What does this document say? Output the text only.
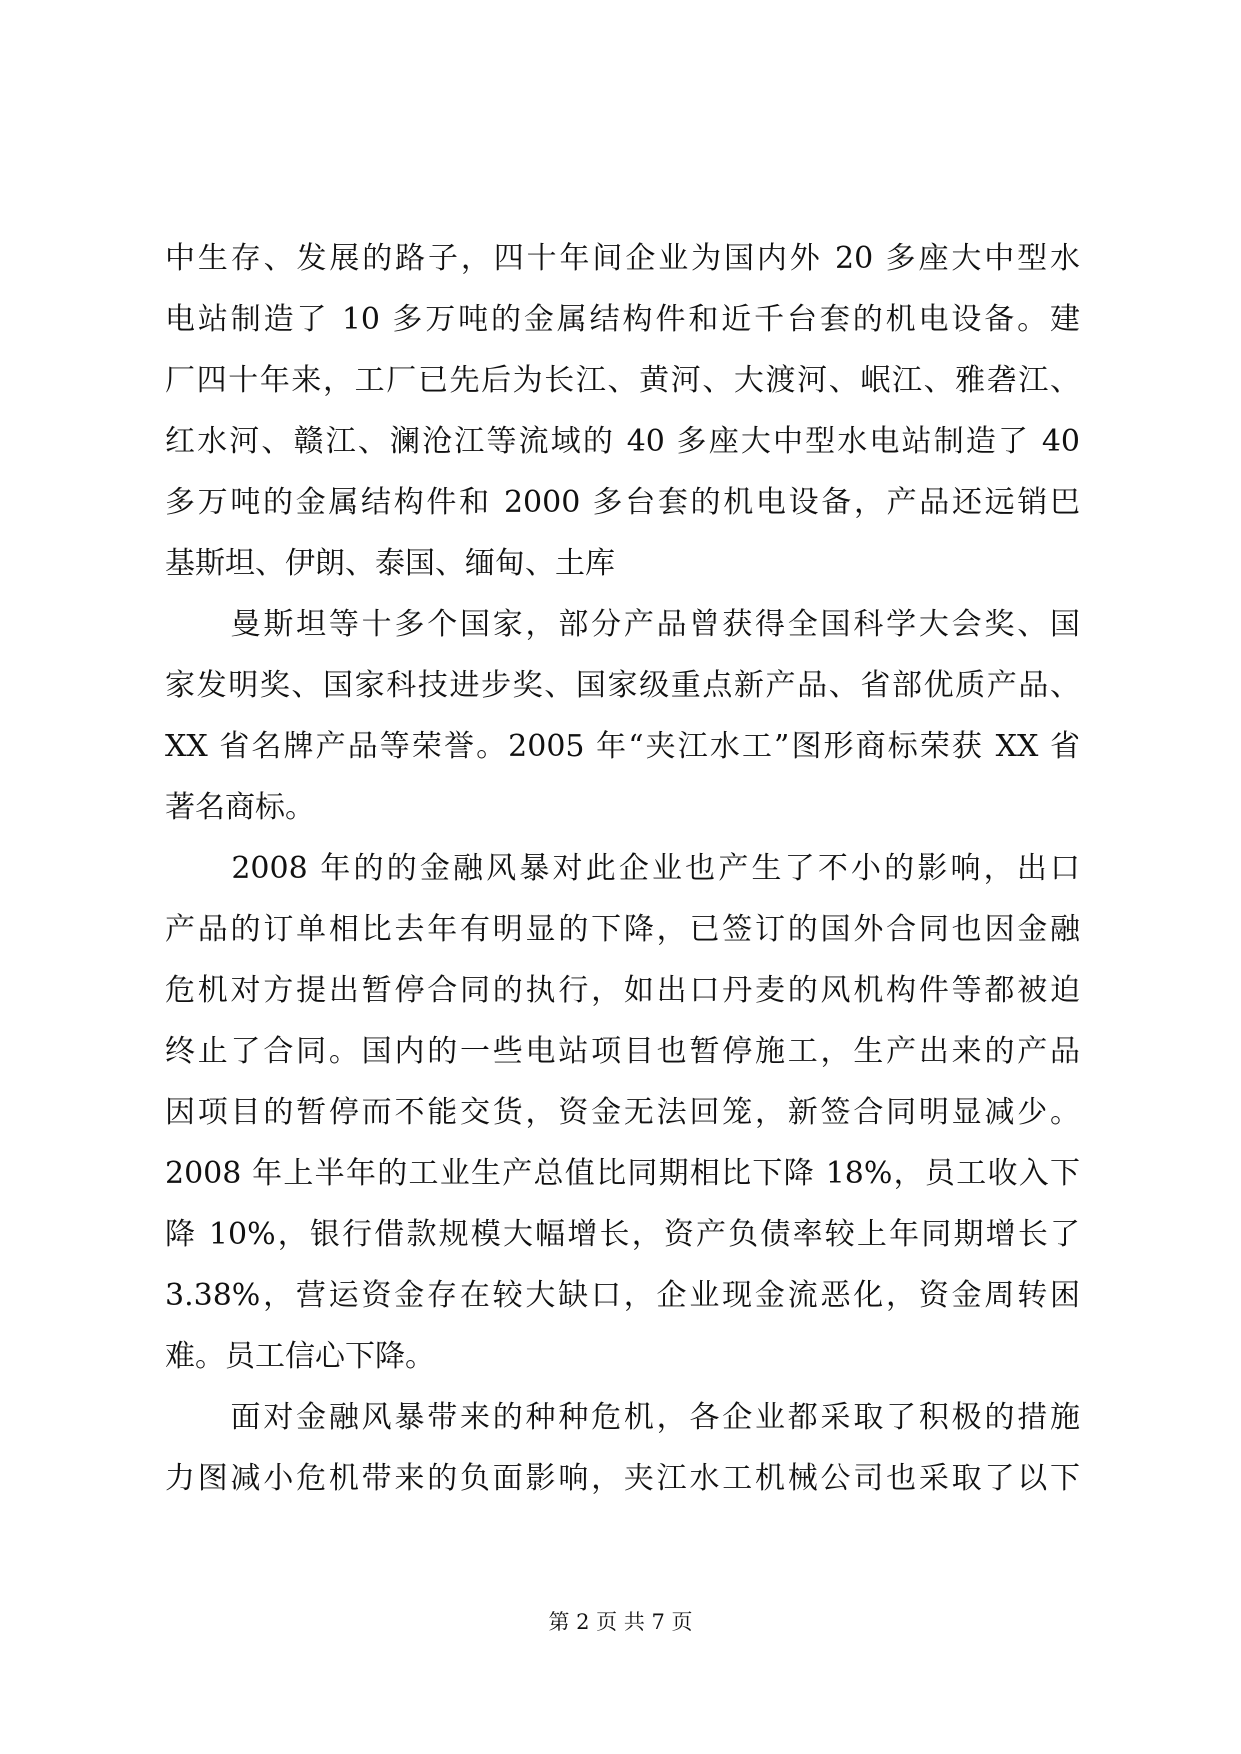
中生存、发展的路子，四十年间企业为国内外 20 多座大中型水
电站制造了 10 多万吨的金属结构件和近千台套的机电设备。建
厂四十年来，工厂已先后为长江、黄河、大渡河、岷江、雅砻江、
红水河、赣江、澜沧江等流域的 40 多座大中型水电站制造了 40
多万吨的金属结构件和 2000 多台套的机电设备，产品还远销巴
基斯坦、伊朗、泰国、缅甸、土库
　　曼斯坦等十多个国家，部分产品曾获得全国科学大会奖、国
家发明奖、国家科技进步奖、国家级重点新产品、省部优质产品、
XX 省名牌产品等荣誉。2005 年“夹江水工”图形商标荣获 XX 省
著名商标。
　　2008 年的的金融风暴对此企业也产生了不小的影响，出口
产品的订单相比去年有明显的下降，已签订的国外合同也因金融
危机对方提出暂停合同的执行，如出口丹麦的风机构件等都被迫
终止了合同。国内的一些电站项目也暂停施工，生产出来的产品
因项目的暂停而不能交货，资金无法回笼，新签合同明显减少。
2008 年上半年的工业生产总值比同期相比下降 18%，员工收入下
降 10%，银行借款规模大幅增长，资产负债率较上年同期增长了
3.38%，营运资金存在较大缺口，企业现金流恶化，资金周转困
难。员工信心下降。
　　面对金融风暴带来的种种危机，各企业都采取了积极的措施
力图减小危机带来的负面影响，夹江水工机械公司也采取了以下
第 2 页 共 7 页
